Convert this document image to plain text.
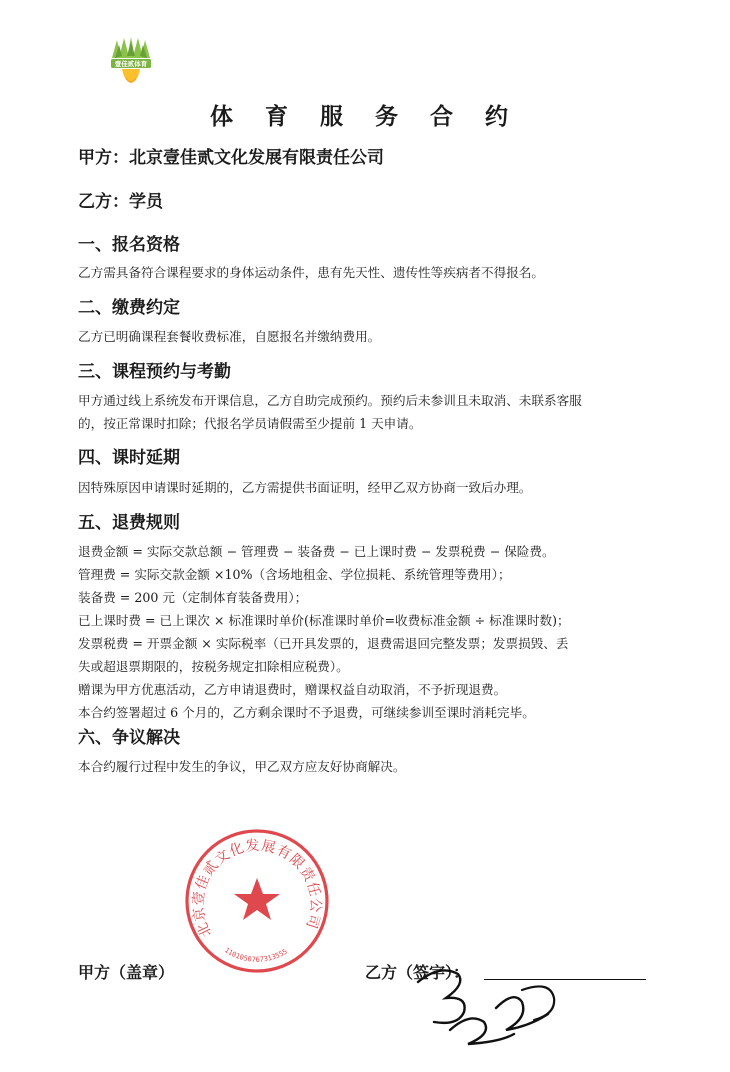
壹佳贰体育
体 育 服 务 合 约

甲方：北京壹佳贰文化发展有限责任公司

乙方：学员

一、报名资格
乙方需具备符合课程要求的身体运动条件，患有先天性、遗传性等疾病者不得报名。
二、缴费约定
乙方已明确课程套餐收费标准，自愿报名并缴纳费用。
三、课程预约与考勤
甲方通过线上系统发布开课信息，乙方自助完成预约。预约后未参训且未取消、未联系客服
的，按正常课时扣除；代报名学员请假需至少提前 1 天申请。
四、课时延期
因特殊原因申请课时延期的，乙方需提供书面证明，经甲乙双方协商一致后办理。
五、退费规则
退费金额 = 实际交款总额 − 管理费 − 装备费 − 已上课时费 − 发票税费 − 保险费。
管理费 = 实际交款金额 ×10%（含场地租金、学位损耗、系统管理等费用）；
装备费 = 200 元（定制体育装备费用）；
已上课时费 = 已上课次 × 标准课时单价(标准课时单价=收费标准金额 ÷ 标准课时数)；
发票税费 = 开票金额 × 实际税率（已开具发票的，退费需退回完整发票；发票损毁、丢
失或超退票期限的，按税务规定扣除相应税费）。
赠课为甲方优惠活动，乙方申请退费时，赠课权益自动取消，不予折现退费。
本合约签署超过 6 个月的，乙方剩余课时不予退费，可继续参训至课时消耗完毕。
六、争议解决
本合约履行过程中发生的争议，甲乙双方应友好协商解决。
北京壹佳贰文化发展有限责任公司
1101050767313555
甲方（盖章）	乙方（签字）：
